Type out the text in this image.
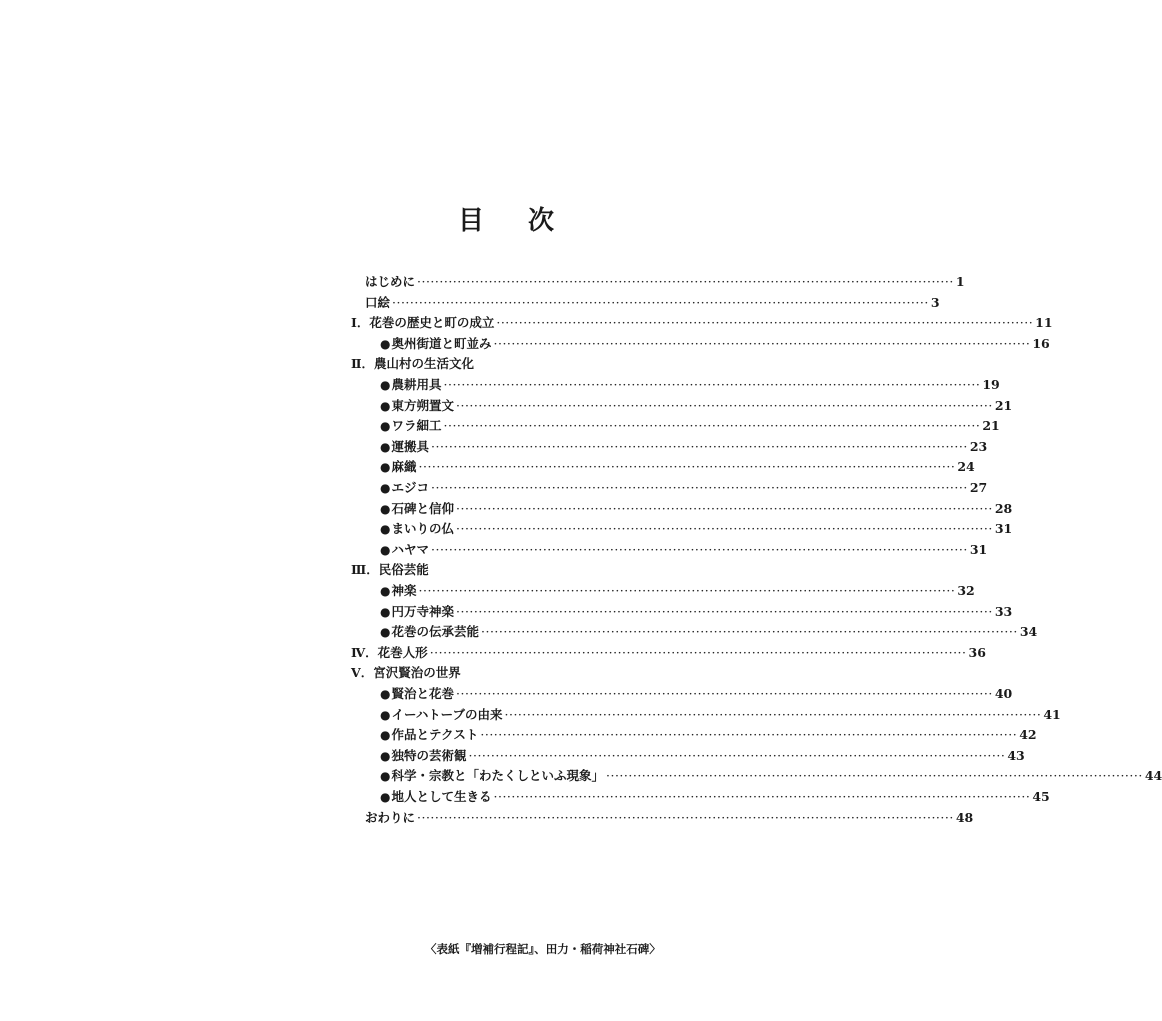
目 次
はじめに ························································································································ 1
口絵 ························································································································ 3
Ⅰ．花巻の歴史と町の成立 ························································································································ 11
●奥州街道と町並み ························································································································ 16
Ⅱ．農山村の生活文化
●農耕用具 ························································································································ 19
●東方朔置文 ························································································································ 21
●ワラ細工 ························································································································ 21
●運搬具 ························································································································ 23
●麻織 ························································································································ 24
●エジコ ························································································································ 27
●石碑と信仰 ························································································································ 28
●まいりの仏 ························································································································ 31
●ハヤマ ························································································································ 31
Ⅲ．民俗芸能
●神楽 ························································································································ 32
●円万寺神楽 ························································································································ 33
●花巻の伝承芸能 ························································································································ 34
Ⅳ．花巻人形 ························································································································ 36
Ⅴ．宮沢賢治の世界
●賢治と花巻 ························································································································ 40
●イーハトーブの由来 ························································································································ 41
●作品とテクスト ························································································································ 42
●独特の芸術観 ························································································································ 43
●科学・宗教と「わたくしといふ現象」 ························································································································ 44
●地人として生きる ························································································································ 45
おわりに ························································································································ 48
〈表紙『増補行程記』、田力・稲荷神社石碑〉
